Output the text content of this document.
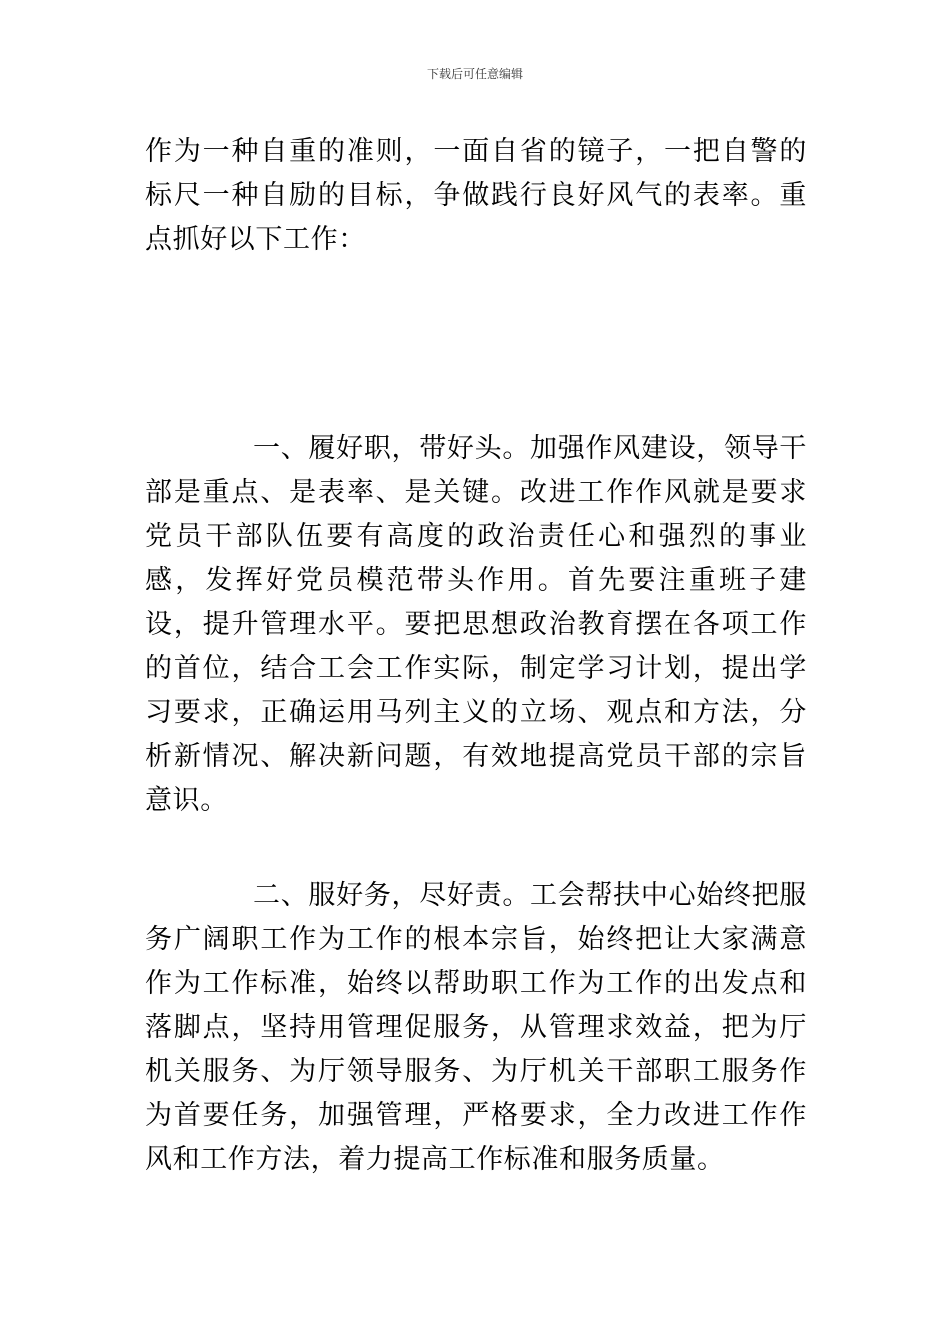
下载后可任意编辑
作为一种自重的准则，一面自省的镜子，一把自警的标尺一种自励的目标，争做践行良好风气的表率。重点抓好以下工作：
一、履好职，带好头。加强作风建设，领导干部是重点、是表率、是关键。改进工作作风就是要求党员干部队伍要有高度的政治责任心和强烈的事业感，发挥好党员模范带头作用。首先要注重班子建设，提升管理水平。要把思想政治教育摆在各项工作的首位，结合工会工作实际，制定学习计划，提出学习要求，正确运用马列主义的立场、观点和方法，分析新情况、解决新问题，有效地提高党员干部的宗旨意识。
二、服好务，尽好责。工会帮扶中心始终把服务广阔职工作为工作的根本宗旨，始终把让大家满意作为工作标准，始终以帮助职工作为工作的出发点和落脚点，坚持用管理促服务，从管理求效益，把为厅机关服务、为厅领导服务、为厅机关干部职工服务作为首要任务，加强管理，严格要求，全力改进工作作风和工作方法，着力提高工作标准和服务质量。
